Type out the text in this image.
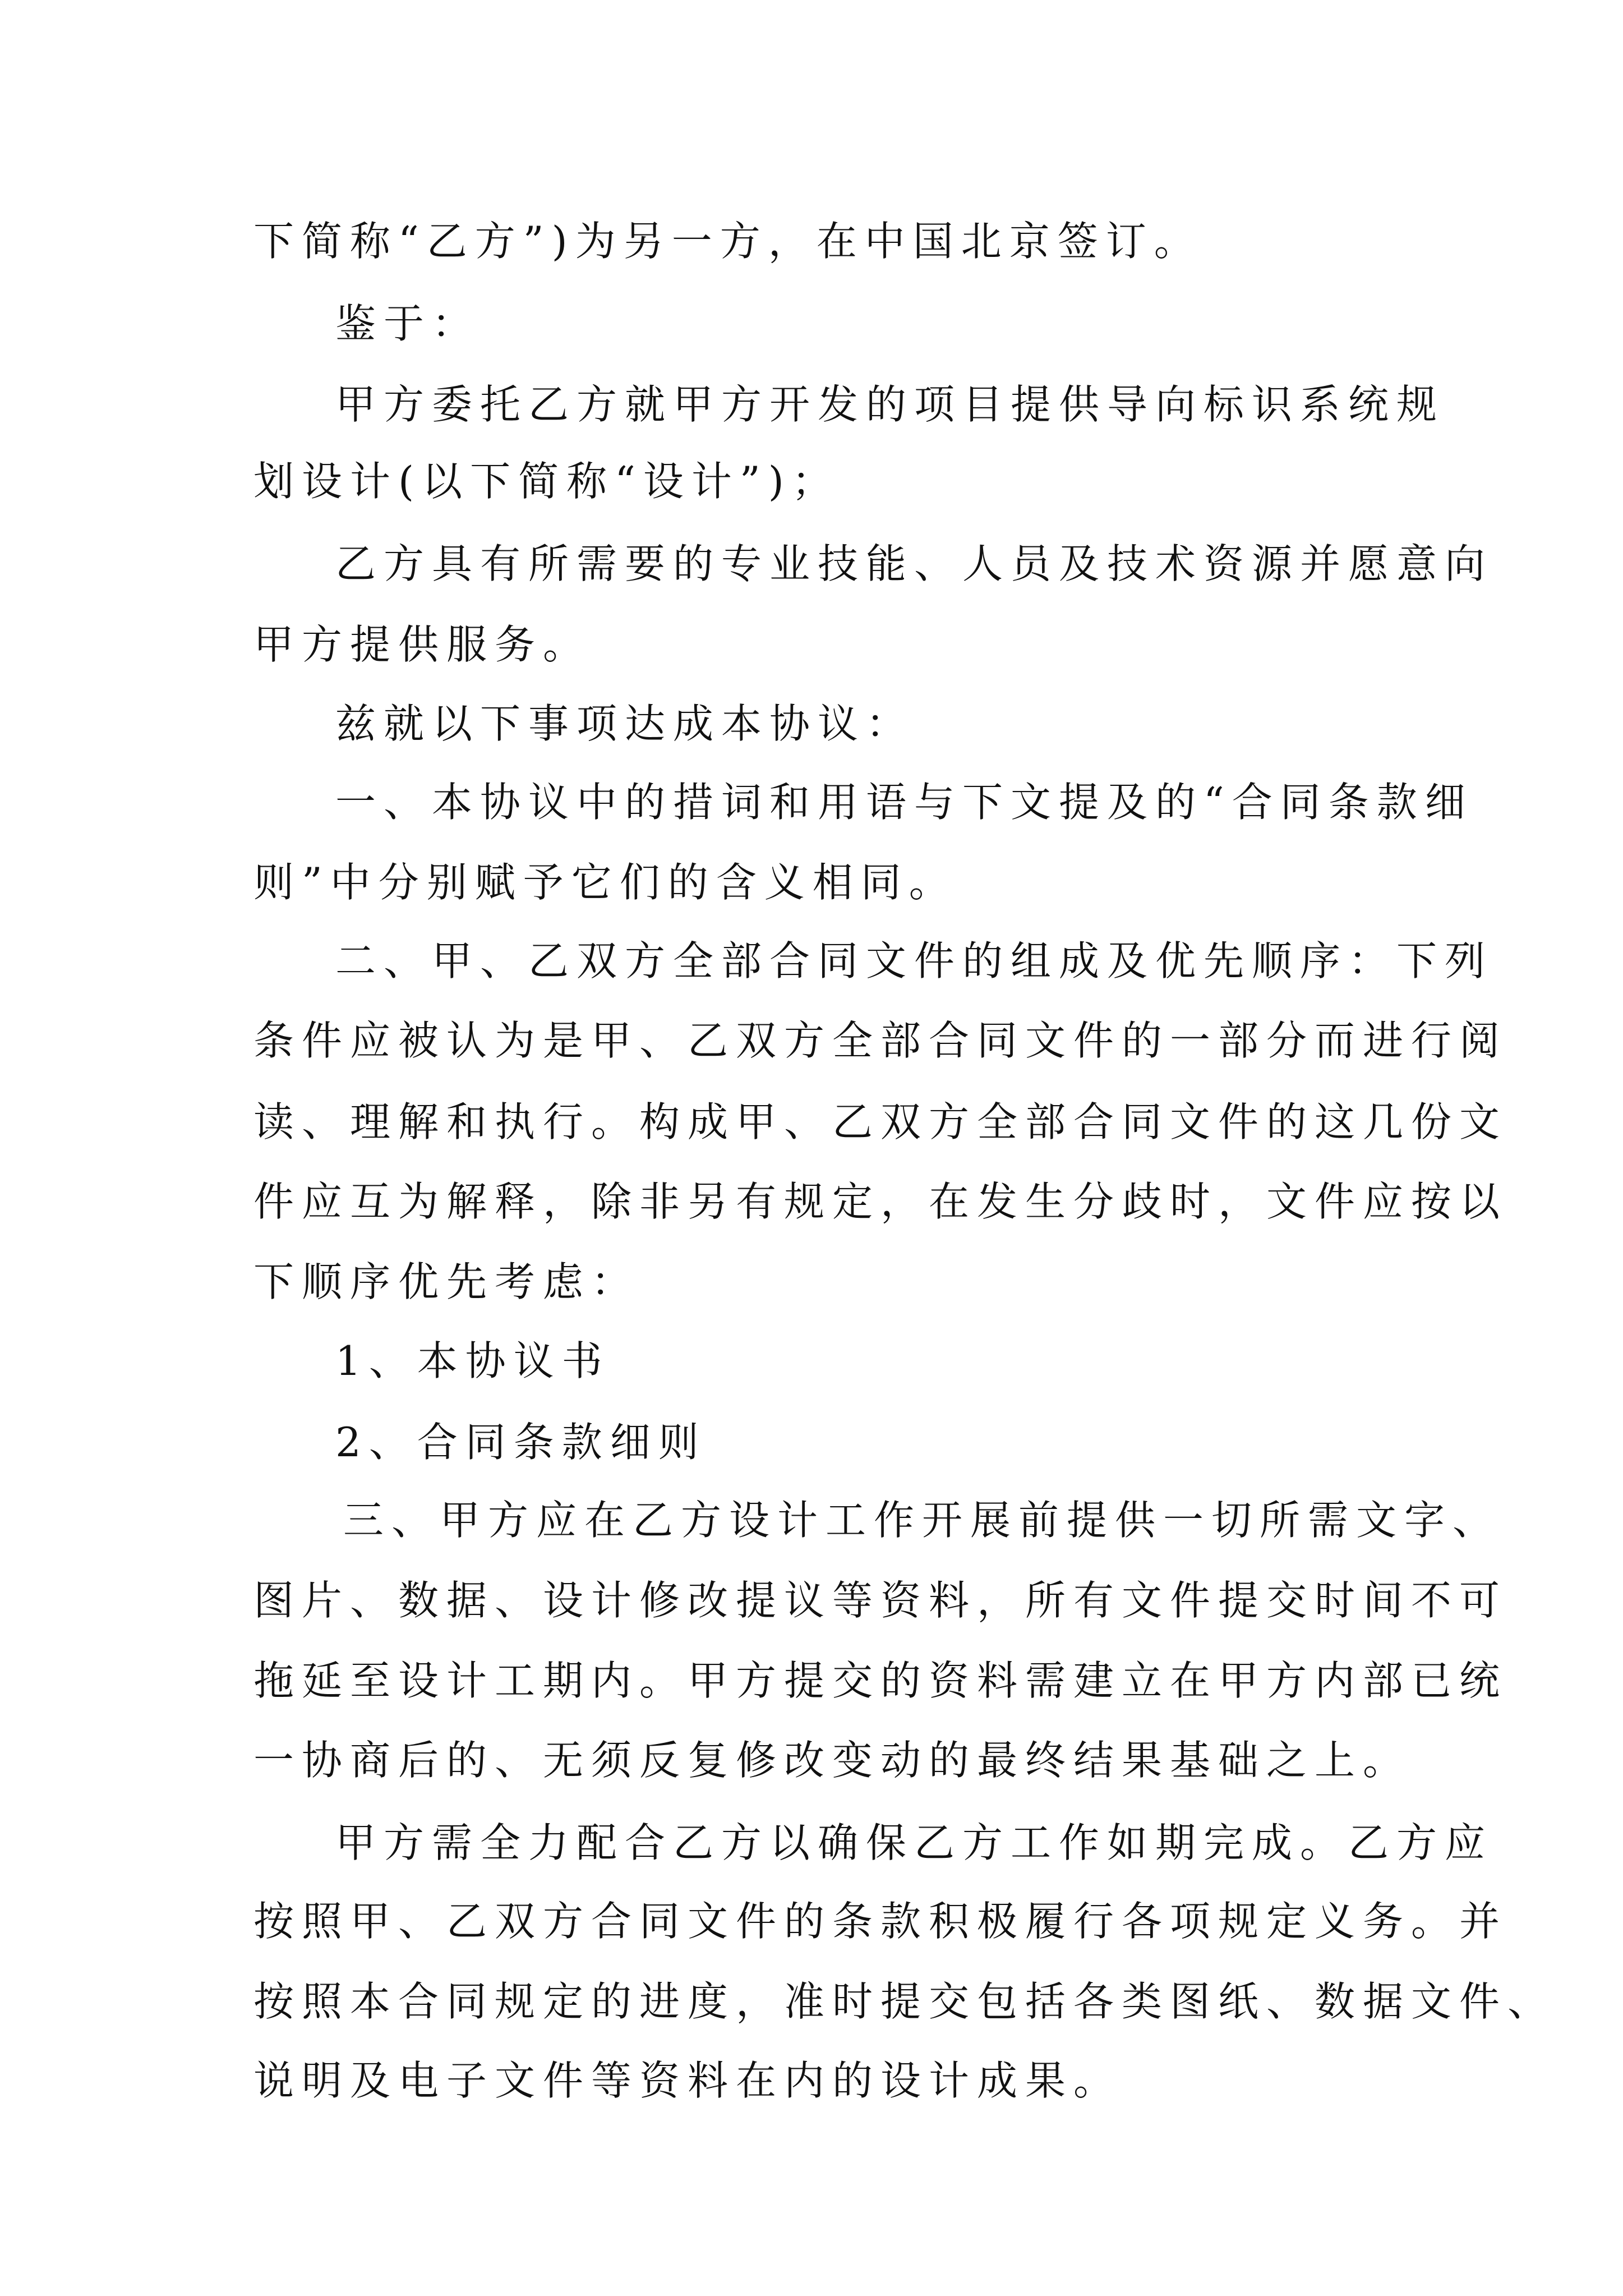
下简称“乙方”)为另一方，在中国北京签订。
鉴于：
甲方委托乙方就甲方开发的项目提供导向标识系统规
划设计(以下简称“设计”)；
乙方具有所需要的专业技能、人员及技术资源并愿意向
甲方提供服务。
兹就以下事项达成本协议：
一、本协议中的措词和用语与下文提及的“合同条款细
则”中分别赋予它们的含义相同。
二、甲、乙双方全部合同文件的组成及优先顺序：下列
条件应被认为是甲、乙双方全部合同文件的一部分而进行阅
读、理解和执行。构成甲、乙双方全部合同文件的这几份文
件应互为解释，除非另有规定，在发生分歧时，文件应按以
下顺序优先考虑：
1、本协议书
2、合同条款细则
三、甲方应在乙方设计工作开展前提供一切所需文字、
图片、数据、设计修改提议等资料，所有文件提交时间不可
拖延至设计工期内。甲方提交的资料需建立在甲方内部已统
一协商后的、无须反复修改变动的最终结果基础之上。
甲方需全力配合乙方以确保乙方工作如期完成。乙方应
按照甲、乙双方合同文件的条款积极履行各项规定义务。并
按照本合同规定的进度，准时提交包括各类图纸、数据文件、
说明及电子文件等资料在内的设计成果。
